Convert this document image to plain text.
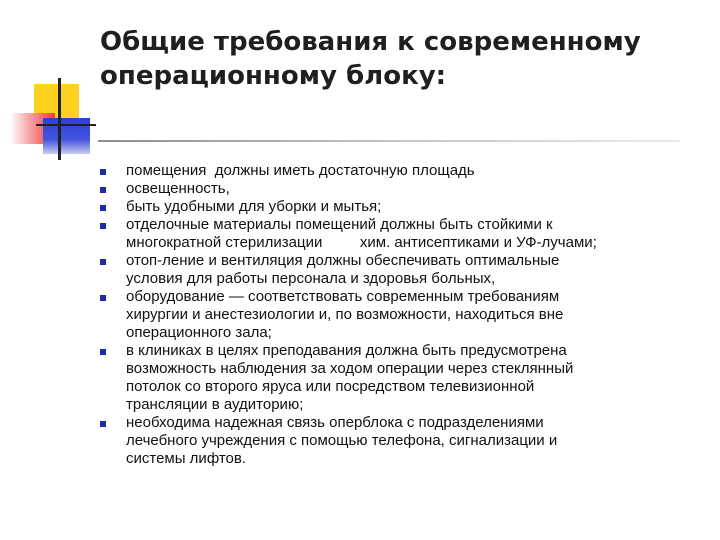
Общие требования к современному
операционному блоку:
помещения  должны иметь достаточную площадь
освещенность,
быть удобными для уборки и мытья;
отделочные материалы помещений должны быть стойкими к
многократной стерилизации         хим. антисептиками и УФ-лучами;
отоп-ление и вентиляция должны обеспечивать оптимальные
условия для работы персонала и здоровья больных,
оборудование — соответствовать современным требованиям
хирургии и анестезиологии и, по возможности, находиться вне
операционного зала;
в клиниках в целях преподавания должна быть предусмотрена
возможность наблюдения за ходом операции через стеклянный
потолок со второго яруса или посредством телевизионной
трансляции в аудиторию;
необходима надежная связь оперблока с подразделениями
лечебного учреждения с помощью телефона, сигнализации и
системы лифтов.
